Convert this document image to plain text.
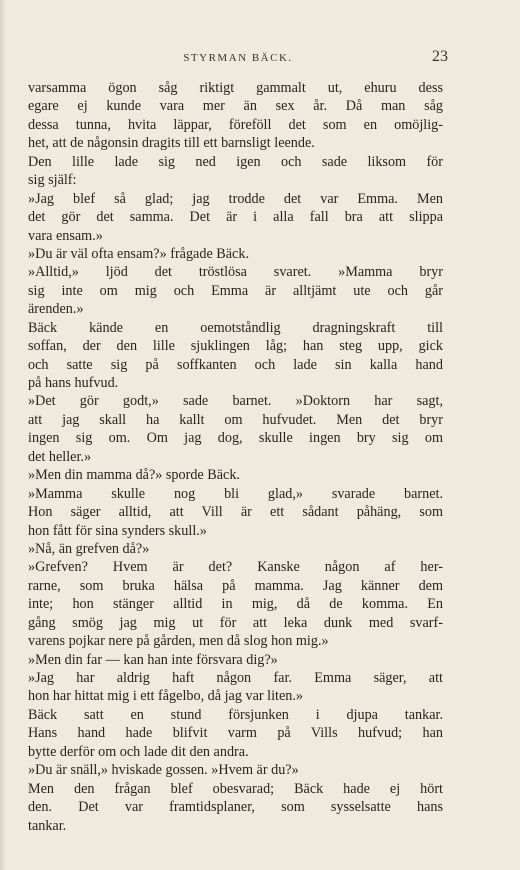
STYRMAN BÄCK.	23
varsamma ögon såg riktigt gammalt ut, ehuru dess
egare ej kunde vara mer än sex år. Då man såg
dessa tunna, hvita läppar, föreföll det som en omöjlig-
het, att de någonsin dragits till ett barnsligt leende.
Den lille lade sig ned igen och sade liksom för
sig själf:
»Jag blef så glad; jag trodde det var Emma. Men
det gör det samma. Det är i alla fall bra att slippa
vara ensam.»
»Du är väl ofta ensam?» frågade Bäck.
»Alltid,» ljöd det tröstlösa svaret. »Mamma bryr
sig inte om mig och Emma är alltjämt ute och går
ärenden.»
Bäck kände en oemotståndlig dragningskraft till
soffan, der den lille sjuklingen låg; han steg upp, gick
och satte sig på soffkanten och lade sin kalla hand
på hans hufvud.
»Det gör godt,» sade barnet. »Doktorn har sagt,
att jag skall ha kallt om hufvudet. Men det bryr
ingen sig om. Om jag dog, skulle ingen bry sig om
det heller.»
»Men din mamma då?» sporde Bäck.
»Mamma skulle nog bli glad,» svarade barnet.
Hon säger alltid, att Vill är ett sådant påhäng, som
hon fått för sina synders skull.»
»Nå, än grefven då?»
»Grefven? Hvem är det? Kanske någon af her-
rarne, som bruka hälsa på mamma. Jag känner dem
inte; hon stänger alltid in mig, då de komma. En
gång smög jag mig ut för att leka dunk med svarf-
varens pojkar nere på gården, men då slog hon mig.»
»Men din far — kan han inte försvara dig?»
»Jag har aldrig haft någon far. Emma säger, att
hon har hittat mig i ett fågelbo, då jag var liten.»
Bäck satt en stund försjunken i djupa tankar.
Hans hand hade blifvit varm på Vills hufvud; han
bytte derför om och lade dit den andra.
»Du är snäll,» hviskade gossen. »Hvem är du?»
Men den frågan blef obesvarad; Bäck hade ej hört
den. Det var framtidsplaner, som sysselsatte hans
tankar.
